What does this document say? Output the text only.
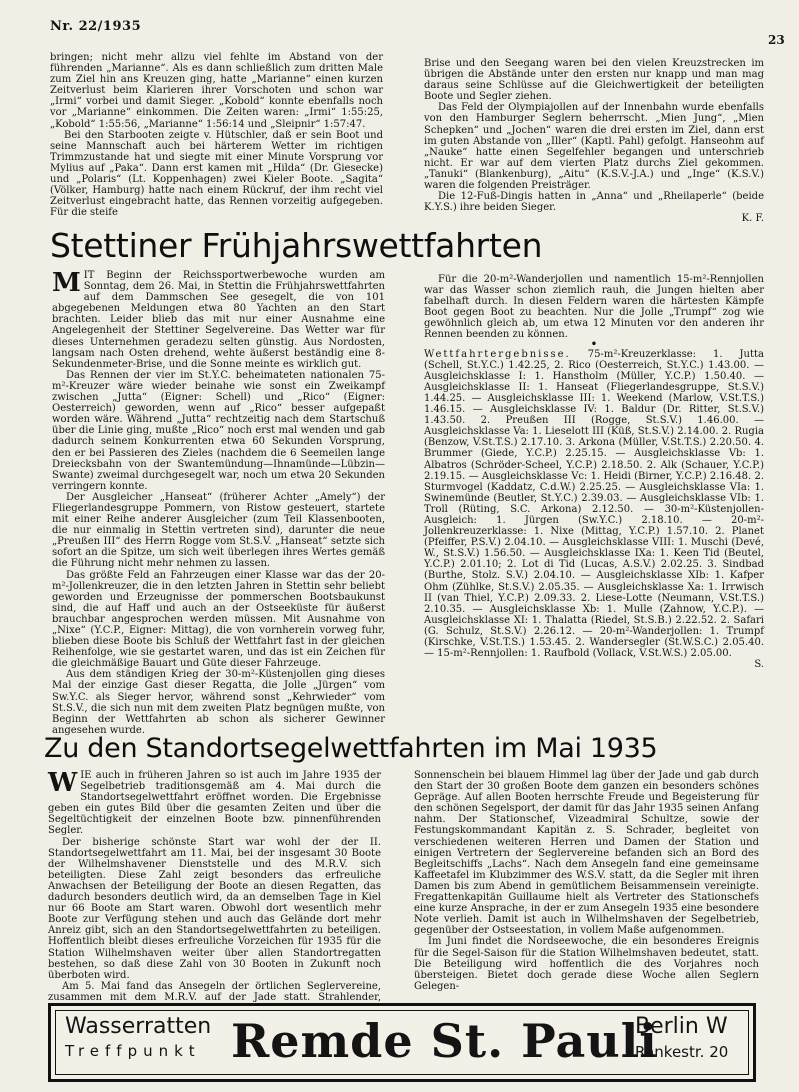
Nr. 22/1935
23

bringen; nicht mehr allzu viel fehlte im Abstand von der führenden „Marianne“. Als es dann schließlich zum dritten Male zum Ziel hin ans Kreuzen ging, hatte „Marianne“ einen kurzen Zeitverlust beim Klarieren ihrer Vorschoten und schon war „Irmi“ vorbei und damit Sieger. „Kobold“ konnte ebenfalls noch vor „Marianne“ einkommen. Die Zeiten waren: „Irmi“ 1:55:25, „Kobold“ 1:55:56, „Marianne“ 1:56:14 und „Sleipnir“ 1:57:47.

Bei den Starbooten zeigte v. Hütschler, daß er sein Boot und seine Mannschaft auch bei härterem Wetter im richtigen Trimmzustande hat und siegte mit einer Minute Vorsprung vor Mylius auf „Paka“. Dann erst kamen mit „Hilda“ (Dr. Giesecke) und „Polaris“ (Lt. Koppenhagen) zwei Kieler Boote. „Sagita“ (Völker, Hamburg) hatte nach einem Rückruf, der ihm recht viel Zeitverlust eingebracht hatte, das Rennen vorzeitig aufgegeben. Für die steife

Brise und den Seegang waren bei den vielen Kreuzstrecken im übrigen die Abstände unter den ersten nur knapp und man mag daraus seine Schlüsse auf die Gleichwertigkeit der beteiligten Boote und Segler ziehen.

Das Feld der Olympiajollen auf der Innenbahn wurde ebenfalls von den Hamburger Seglern beherrscht. „Mien Jung“, „Mien Schepken“ und „Jochen“ waren die drei ersten im Ziel, dann erst im guten Abstande von „Iller“ (Kaptl. Pahl) gefolgt. Hanseohm auf „Nauke“ hatte einen Segelfehler begangen und unterschrieb nicht. Er war auf dem vierten Platz durchs Ziel gekommen. „Tanuki“ (Blankenburg), „Aitu“ (K.S.V.-J.A.) und „Inge“ (K.S.V.) waren die folgenden Preisträger.

Die 12-Fuß-Dingis hatten in „Anna“ und „Rheilaperle“ (beide K.Y.S.) ihre beiden Sieger.

K. F.
Stettiner Frühjahrswettfahrten

MIT Beginn der Reichssportwerbewoche wurden am Sonntag, dem 26. Mai, in Stettin die Frühjahrswettfahrten auf dem Dammschen See gesegelt, die von 101 abgegebenen Meldungen etwa 80 Yachten an den Start brachten. Leider blieb das mit nur einer Ausnahme eine Angelegenheit der Stettiner Segelvereine. Das Wetter war für dieses Unternehmen geradezu selten günstig. Aus Nordosten, langsam nach Osten drehend, wehte äußerst beständig eine 8-Sekundenmeter-Brise, und die Sonne meinte es wirklich gut.

Das Rennen der vier im St.Y.C. beheimateten nationalen 75-m²-Kreuzer wäre wieder beinahe wie sonst ein Zweikampf zwischen „Jutta“ (Eigner: Schell) und „Rico“ (Eigner: Oesterreich) geworden, wenn auf „Rico“ besser aufgepaßt worden wäre. Während „Jutta“ rechtzeitig nach dem Startschuß über die Linie ging, mußte „Rico“ noch erst mal wenden und gab dadurch seinem Konkurrenten etwa 60 Sekunden Vorsprung, den er bei Passieren des Zieles (nachdem die 6 Seemeilen lange Dreiecksbahn von der Swantemündung—Ihnamünde—Lübzin—Swante) zweimal durchgesegelt war, noch um etwa 20 Sekunden verringern konnte.

Der Ausgleicher „Hanseat“ (früherer Achter „Amely“) der Fliegerlandesgruppe Pommern, von Ristow gesteuert, startete mit einer Reihe anderer Ausgleicher (zum Teil Klassenbooten, die nur einmalig in Stettin vertreten sind), darunter die neue „Preußen III“ des Herrn Rogge vom St.S.V. „Hanseat“ setzte sich sofort an die Spitze, um sich weit überlegen ihres Wertes gemäß die Führung nicht mehr nehmen zu lassen.

Das größte Feld an Fahrzeugen einer Klasse war das der 20-m²-Jollenkreuzer, die in den letzten Jahren in Stettin sehr beliebt geworden und Erzeugnisse der pommerschen Bootsbaukunst sind, die auf Haff und auch an der Ostseeküste für äußerst brauchbar angesprochen werden müssen. Mit Ausnahme von „Nixe“ (Y.C.P., Eigner: Mittag), die von vornherein vorweg fuhr, blieben diese Boote bis Schluß der Wettfahrt fast in der gleichen Reihenfolge, wie sie gestartet waren, und das ist ein Zeichen für die gleichmäßige Bauart und Güte dieser Fahrzeuge.

Aus dem ständigen Krieg der 30-m²-Küstenjollen ging dieses Mal der einzige Gast dieser Regatta, die Jolle „Jürgen“ vom Sw.Y.C. als Sieger hervor, während sonst „Kehrwieder“ vom St.S.V., die sich nun mit dem zweiten Platz begnügen mußte, von Beginn der Wettfahrten ab schon als sicherer Gewinner angesehen wurde.

Für die 20-m²-Wanderjollen und namentlich 15-m²-Rennjollen war das Wasser schon ziemlich rauh, die Jungen hielten aber fabelhaft durch. In diesen Feldern waren die härtesten Kämpfe Boot gegen Boot zu beachten. Nur die Jolle „Trumpf“ zog wie gewöhnlich gleich ab, um etwa 12 Minuten vor den anderen ihr Rennen beenden zu können.

•

Wettfahrtergebnisse. 75-m²-Kreuzerklasse: 1. Jutta (Schell, St.Y.C.) 1.42.25, 2. Rico (Oesterreich, St.Y.C.) 1.43.00. — Ausgleichsklasse I: 1. Hanstholm (Müller, Y.C.P.) 1.50.40. — Ausgleichsklasse II: 1. Hanseat (Fliegerlandesgruppe, St.S.V.) 1.44.25. — Ausgleichsklasse III: 1. Weekend (Marlow, V.St.T.S.) 1.46.15. — Ausgleichsklasse IV: 1. Baldur (Dr. Ritter, St.S.V.) 1.43.50. 2. Preußen III (Rogge, St.S.V.) 1.46.00. — Ausgleichsklasse Va: 1. Lieselott III (Küß, St.S.V.) 2.14.00. 2. Rugia (Benzow, V.St.T.S.) 2.17.10. 3. Arkona (Müller, V.St.T.S.) 2.20.50. 4. Brummer (Giede, Y.C.P.) 2.25.15. — Ausgleichsklasse Vb: 1. Albatros (Schröder-Scheel, Y.C.P.) 2.18.50. 2. Alk (Schauer, Y.C.P.) 2.19.15. — Ausgleichsklasse Vc: 1. Heidi (Birner, Y.C.P.) 2.16.48. 2. Sturmvogel (Kaddatz, C.d.W.) 2.25.25. — Ausgleichsklasse VIa: 1. Swinemünde (Beutler, St.Y.C.) 2.39.03. — Ausgleichsklasse VIb: 1. Troll (Rüting, S.C. Arkona) 2.12.50. — 30-m²-Küstenjollen-Ausgleich: 1. Jürgen (Sw.Y.C.) 2.18.10. — 20-m²-Jollenkreuzerklasse: 1. Nixe (Mittag, Y.C.P.) 1.57.10. 2. Planet (Pfeiffer, P.S.V.) 2.04.10. — Ausgleichsklasse VIII: 1. Muschi (Devé, W., St.S.V.) 1.56.50. — Ausgleichsklasse IXa: 1. Keen Tid (Beutel, Y.C.P.) 2.01.10; 2. Lot di Tid (Lucas, A.S.V.) 2.02.25. 3. Sindbad (Burthe, Stolz. S.V.) 2.04.10. — Ausgleichsklasse XIb: 1. Kafper Ohm (Zühlke, St.S.V.) 2.05.35. — Ausgleichsklasse Xa: 1. Irrwisch II (van Thiel, Y.C.P.) 2.09.33. 2. Liese-Lotte (Neumann, V.St.T.S.) 2.10.35. — Ausgleichsklasse Xb: 1. Mulle (Zahnow, Y.C.P.). — Ausgleichsklasse XI: 1. Thalatta (Riedel, St.S.B.) 2.22.52. 2. Safari (G. Schulz, St.S.V.) 2.26.12. — 20-m²-Wanderjollen: 1. Trumpf (Kirschke, V.St.T.S.) 1.53.45. 2. Wandersegler (St.W.S.C.) 2.05.40. — 15-m²-Rennjollen: 1. Raufbold (Vollack, V.St.W.S.) 2.05.00.

S.
Zu den Standortsegelwettfahrten im Mai 1935

WIE auch in früheren Jahren so ist auch im Jahre 1935 der Segelbetrieb traditionsgemäß am 4. Mai durch die Standortsegelwettfahrt eröffnet worden. Die Ergebnisse geben ein gutes Bild über die gesamten Zeiten und über die Segeltüchtigkeit der einzelnen Boote bzw. pinnenführenden Segler.

Der bisherige schönste Start war wohl der der II. Standortsegelwettfahrt am 11. Mai, bei der insgesamt 30 Boote der Wilhelmshavener Dienststelle und des M.R.V. sich beteiligten. Diese Zahl zeigt besonders das erfreuliche Anwachsen der Beteiligung der Boote an diesen Regatten, das dadurch besonders deutlich wird, da an demselben Tage in Kiel nur 66 Boote am Start waren. Obwohl dort wesentlich mehr Boote zur Verfügung stehen und auch das Gelände dort mehr Anreiz gibt, sich an den Standortsegelwettfahrten zu beteiligen. Hoffentlich bleibt dieses erfreuliche Vorzeichen für 1935 für die Station Wilhelmshaven weiter über allen Standortregatten bestehen, so daß diese Zahl von 30 Booten in Zukunft noch überboten wird.

Am 5. Mai fand das Ansegeln der örtlichen Seglervereine, zusammen mit dem M.R.V. auf der Jade statt. Strahlender,

Sonnenschein bei blauem Himmel lag über der Jade und gab durch den Start der 30 großen Boote dem ganzen ein besonders schönes Gepräge. Auf allen Booten herrschte Freude und Begeisterung für den schönen Segelsport, der damit für das Jahr 1935 seinen Anfang nahm. Der Stationschef, Vizeadmiral Schultze, sowie der Festungskommandant Kapitän z. S. Schrader, begleitet von verschiedenen weiteren Herren und Damen der Station und einigen Vertretern der Seglervereine befanden sich an Bord des Begleitschiffs „Lachs“. Nach dem Ansegeln fand eine gemeinsame Kaffeetafel im Klubzimmer des W.S.V. statt, da die Segler mit ihren Damen bis zum Abend in gemütlichem Beisammensein vereinigte. Fregattenkapitän Guillaume hielt als Vertreter des Stationschefs eine kurze Ansprache, in der er zum Ansegeln 1935 eine besondere Note verlieh. Damit ist auch in Wilhelmshaven der Segelbetrieb, gegenüber der Ostseestation, in vollem Maße aufgenommen.

Im Juni findet die Nordseewoche, die ein besonderes Ereignis für die Segel-Saison für die Station Wilhelmshaven bedeutet, statt. Die Beteiligung wird hoffentlich die des Vorjahres noch übersteigen. Bietet doch gerade diese Woche allen Seglern Gelegen-

Wasserratten
Treffpunkt Remde St. Pauli
Berlin W
Rankestr. 20
